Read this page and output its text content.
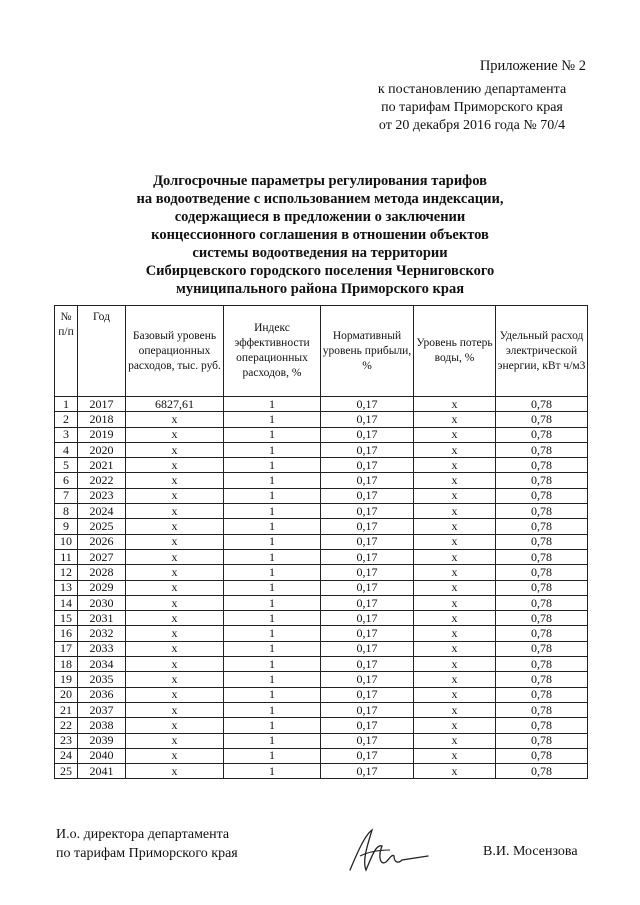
Приложение № 2
к постановлению департамента
по тарифам Приморского края
от 20 декабря 2016 года № 70/4
Долгосрочные параметры регулирования тарифов
на водоотведение с использованием метода индексации,
содержащиеся в предложении о заключении
концессионного соглашения в отношении объектов
системы водоотведения на территории
Сибирцевского городского поселения Черниговского
муниципального района Приморского края
№ п/п	Год	Базовый уровень операционных расходов, тыс. руб.	Индекс эффективности операционных расходов, %	Нормативный уровень прибыли, %	Уровень потерь воды, %	Удельный расход электрической энергии, кВт ч/м3
1	2017	6827,61	1	0,17	х	0,78
2	2018	х	1	0,17	х	0,78
3	2019	х	1	0,17	х	0,78
4	2020	х	1	0,17	х	0,78
5	2021	х	1	0,17	х	0,78
6	2022	х	1	0,17	х	0,78
7	2023	х	1	0,17	х	0,78
8	2024	х	1	0,17	х	0,78
9	2025	х	1	0,17	х	0,78
10	2026	х	1	0,17	х	0,78
11	2027	х	1	0,17	х	0,78
12	2028	х	1	0,17	х	0,78
13	2029	х	1	0,17	х	0,78
14	2030	х	1	0,17	х	0,78
15	2031	х	1	0,17	х	0,78
16	2032	х	1	0,17	х	0,78
17	2033	х	1	0,17	х	0,78
18	2034	х	1	0,17	х	0,78
19	2035	х	1	0,17	х	0,78
20	2036	х	1	0,17	х	0,78
21	2037	х	1	0,17	х	0,78
22	2038	х	1	0,17	х	0,78
23	2039	х	1	0,17	х	0,78
24	2040	х	1	0,17	х	0,78
25	2041	х	1	0,17	х	0,78
И.о. директора департамента
по тарифам Приморского края	В.И. Мосензова
